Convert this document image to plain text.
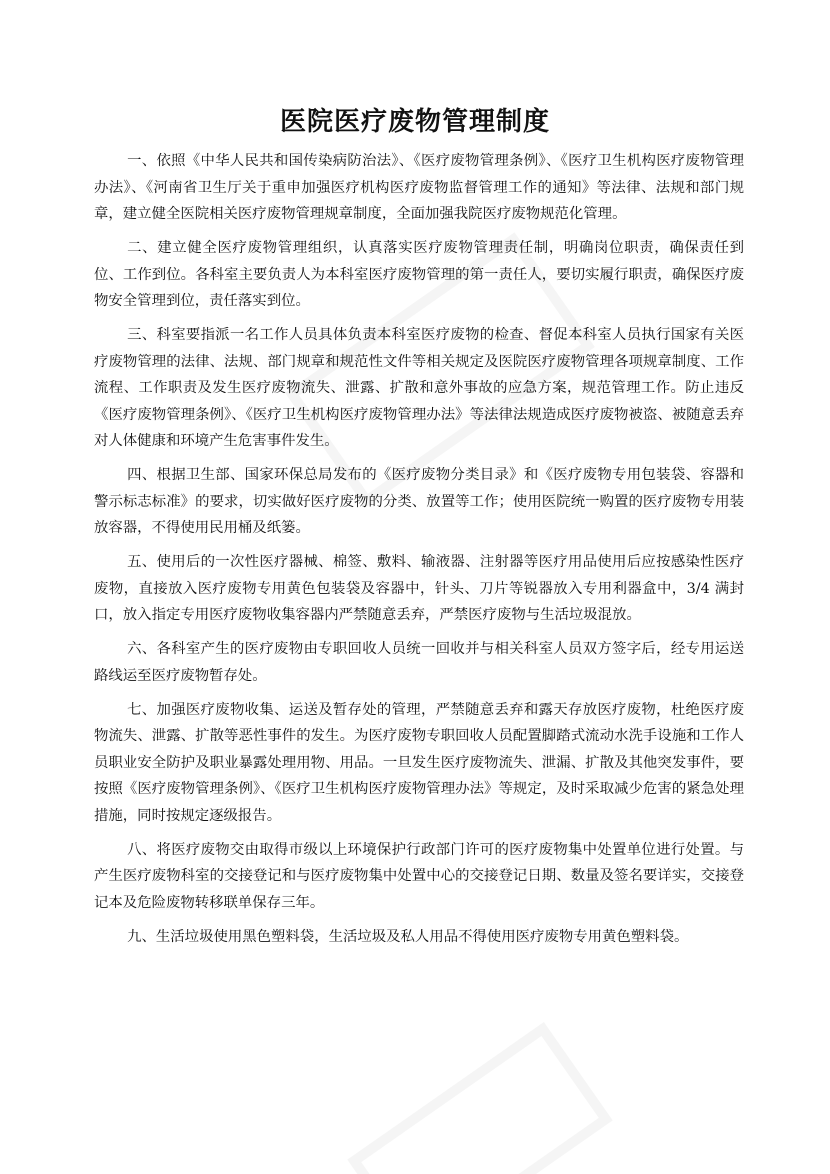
医院医疗废物管理制度

一、依照《中华人民共和国传染病防治法》、《医疗废物管理条例》、《医疗卫生机构医疗废物管理办法》、《河南省卫生厅关于重申加强医疗机构医疗废物监督管理工作的通知》等法律、法规和部门规章，建立健全医院相关医疗废物管理规章制度，全面加强我院医疗废物规范化管理。

二、建立健全医疗废物管理组织，认真落实医疗废物管理责任制，明确岗位职责，确保责任到位、工作到位。各科室主要负责人为本科室医疗废物管理的第一责任人，要切实履行职责，确保医疗废物安全管理到位，责任落实到位。

三、科室要指派一名工作人员具体负责本科室医疗废物的检查、督促本科室人员执行国家有关医疗废物管理的法律、法规、部门规章和规范性文件等相关规定及医院医疗废物管理各项规章制度、工作流程、工作职责及发生医疗废物流失、泄露、扩散和意外事故的应急方案，规范管理工作。防止违反《医疗废物管理条例》、《医疗卫生机构医疗废物管理办法》等法律法规造成医疗废物被盗、被随意丢弃对人体健康和环境产生危害事件发生。

四、根据卫生部、国家环保总局发布的《医疗废物分类目录》和《医疗废物专用包装袋、容器和警示标志标准》的要求，切实做好医疗废物的分类、放置等工作；使用医院统一购置的医疗废物专用装放容器，不得使用民用桶及纸篓。

五、使用后的一次性医疗器械、棉签、敷料、输液器、注射器等医疗用品使用后应按感染性医疗废物，直接放入医疗废物专用黄色包装袋及容器中，针头、刀片等锐器放入专用利器盒中，3/4 满封口，放入指定专用医疗废物收集容器内严禁随意丢弃，严禁医疗废物与生活垃圾混放。

六、各科室产生的医疗废物由专职回收人员统一回收并与相关科室人员双方签字后，经专用运送路线运至医疗废物暂存处。

七、加强医疗废物收集、运送及暂存处的管理，严禁随意丢弃和露天存放医疗废物，杜绝医疗废物流失、泄露、扩散等恶性事件的发生。为医疗废物专职回收人员配置脚踏式流动水洗手设施和工作人员职业安全防护及职业暴露处理用物、用品。一旦发生医疗废物流失、泄漏、扩散及其他突发事件，要按照《医疗废物管理条例》、《医疗卫生机构医疗废物管理办法》等规定，及时采取减少危害的紧急处理措施，同时按规定逐级报告。

八、将医疗废物交由取得市级以上环境保护行政部门许可的医疗废物集中处置单位进行处置。与产生医疗废物科室的交接登记和与医疗废物集中处置中心的交接登记日期、数量及签名要详实，交接登记本及危险废物转移联单保存三年。

九、生活垃圾使用黑色塑料袋，生活垃圾及私人用品不得使用医疗废物专用黄色塑料袋。
